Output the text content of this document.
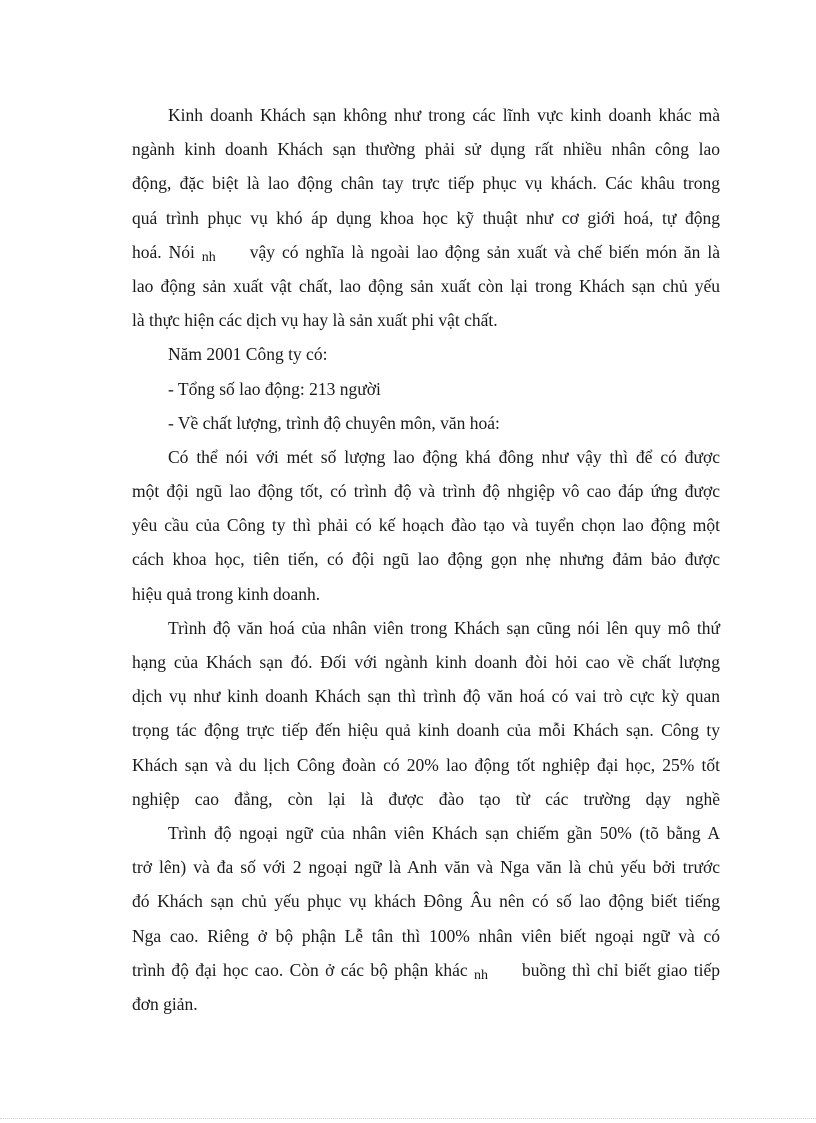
Kinh doanh Khách sạn không như trong các lĩnh vực kinh doanh khác mà
ngành kinh doanh Khách sạn thường phải sử dụng rất nhiều nhân công lao
động, đặc biệt là lao động chân tay trực tiếp phục vụ khách. Các khâu trong
quá trình phục vụ khó áp dụng khoa học kỹ thuật như cơ giới hoá, tự động
hoá. Nói nh vậy có nghĩa là ngoài lao động sản xuất và chế biến món ăn là
lao động sản xuất vật chất, lao động sản xuất còn lại trong Khách sạn chủ yếu
là thực hiện các dịch vụ hay là sản xuất phi vật chất.
Năm 2001 Công ty có:
- Tổng số lao động: 213 người
- Về chất lượng, trình độ chuyên môn, văn hoá:
Có thể nói với mét số lượng lao động khá đông như vậy thì để có được
một đội ngũ lao động tốt, có trình độ và trình độ nhgiệp vô cao đáp ứng được
yêu cầu của Công ty thì phải có kế hoạch đào tạo và tuyển chọn lao động một
cách khoa học, tiên tiến, có đội ngũ lao động gọn nhẹ nhưng đảm bảo được
hiệu quả trong kinh doanh.
Trình độ văn hoá của nhân viên trong Khách sạn cũng nói lên quy mô thứ
hạng của Khách sạn đó. Đối với ngành kinh doanh đòi hỏi cao về chất lượng
dịch vụ như kinh doanh Khách sạn thì trình độ văn hoá có vai trò cực kỳ quan
trọng tác động trực tiếp đến hiệu quả kinh doanh của mỗi Khách sạn. Công ty
Khách sạn và du lịch Công đoàn có 20% lao động tốt nghiệp đại học, 25% tốt
nghiệp cao đẳng, còn lại là được đào tạo từ các trường dạy nghề
Trình độ ngoại ngữ của nhân viên Khách sạn chiếm gần 50% (tõ bằng A
trở lên) và đa số với 2 ngoại ngữ là Anh văn và Nga văn là chủ yếu bởi trước
đó Khách sạn chủ yếu phục vụ khách Đông Âu nên có số lao động biết tiếng
Nga cao. Riêng ở bộ phận Lễ tân thì 100% nhân viên biết ngoại ngữ và có
trình độ đại học cao. Còn ở các bộ phận khác nh buồng thì chỉ biết giao tiếp
đơn giản.
